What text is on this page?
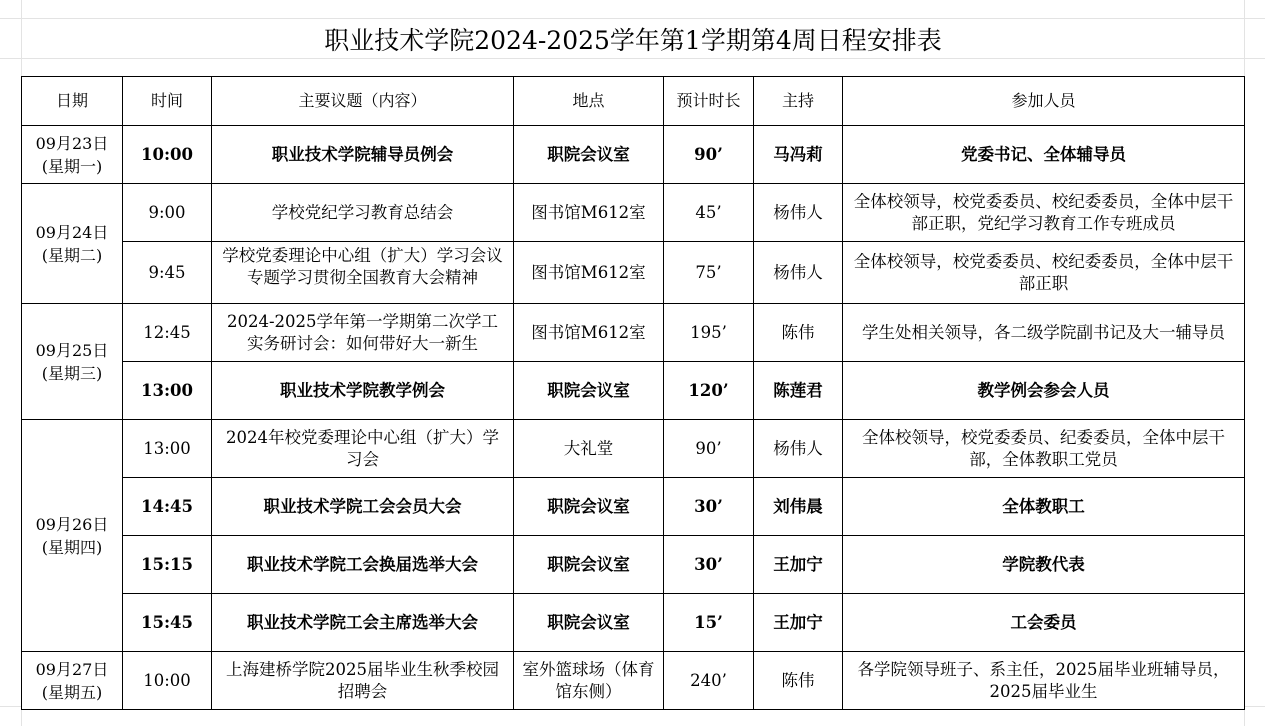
职业技术学院2024-2025学年第1学期第4周日程安排表
日期	时间	主要议题（内容）	地点	预计时长	主持	参加人员

09月23日
(星期一)	10:00	职业技术学院辅导员例会	职院会议室	90’	马冯莉	党委书记、全体辅导员

09月24日
(星期二)	9:00	学校党纪学习教育总结会	图书馆M612室	45’	杨伟人	全体校领导，校党委委员、校纪委委员，全体中层干部正职，党纪学习教育工作专班成员
	9:45	学校党委理论中心组（扩大）学习会议专题学习贯彻全国教育大会精神	图书馆M612室	75’	杨伟人	全体校领导，校党委委员、校纪委委员，全体中层干部正职

09月25日
(星期三)	12:45	2024-2025学年第一学期第二次学工实务研讨会：如何带好大一新生	图书馆M612室	195’	陈伟	学生处相关领导，各二级学院副书记及大一辅导员
	13:00	职业技术学院教学例会	职院会议室	120’	陈莲君	教学例会参会人员

09月26日
(星期四)	13:00	2024年校党委理论中心组（扩大）学习会	大礼堂	90’	杨伟人	全体校领导，校党委委员、纪委委员，全体中层干部，全体教职工党员
	14:45	职业技术学院工会会员大会	职院会议室	30’	刘伟晨	全体教职工
	15:15	职业技术学院工会换届选举大会	职院会议室	30’	王加宁	学院教代表
	15:45	职业技术学院工会主席选举大会	职院会议室	15’	王加宁	工会委员

09月27日
(星期五)	10:00	上海建桥学院2025届毕业生秋季校园招聘会	室外篮球场（体育 馆东侧）	240’	陈伟	各学院领导班子、系主任，2025届毕业班辅导员，2025届毕业生
